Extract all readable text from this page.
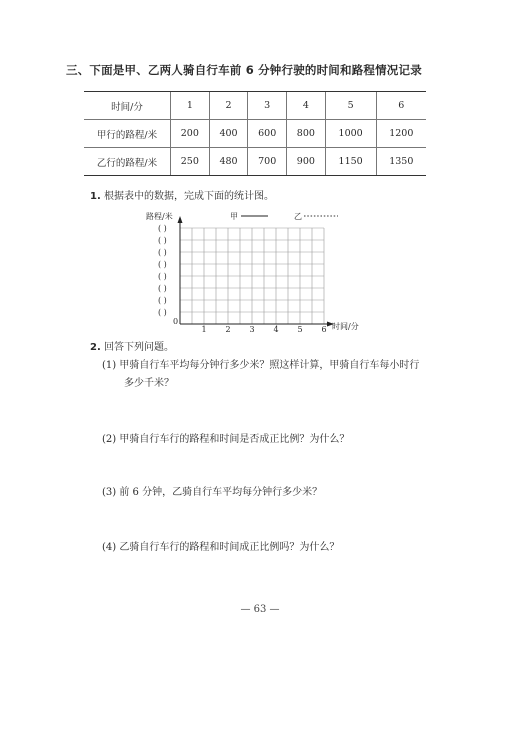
三、下面是甲、乙两人骑自行车前 6 分钟行驶的时间和路程情况记录
时间/分	1	2	3	4	5	6
甲行的路程/米	200	400	600	800	1000	1200
乙行的路程/米	250	480	700	900	1150	1350
1. 根据表中的数据，完成下面的统计图。
路程/米
时间/分
0
甲	乙
( )
( )
( )
( )
( )
( )
( )
( )
1 2 3 4 5 6
2. 回答下列问题。
(1) 甲骑自行车平均每分钟行多少米？照这样计算，甲骑自行车每小时行
多少千米？
(2) 甲骑自行车行的路程和时间是否成正比例？为什么？
(3) 前 6 分钟，乙骑自行车平均每分钟行多少米？
(4) 乙骑自行车行的路程和时间成正比例吗？为什么？
— 63 —
